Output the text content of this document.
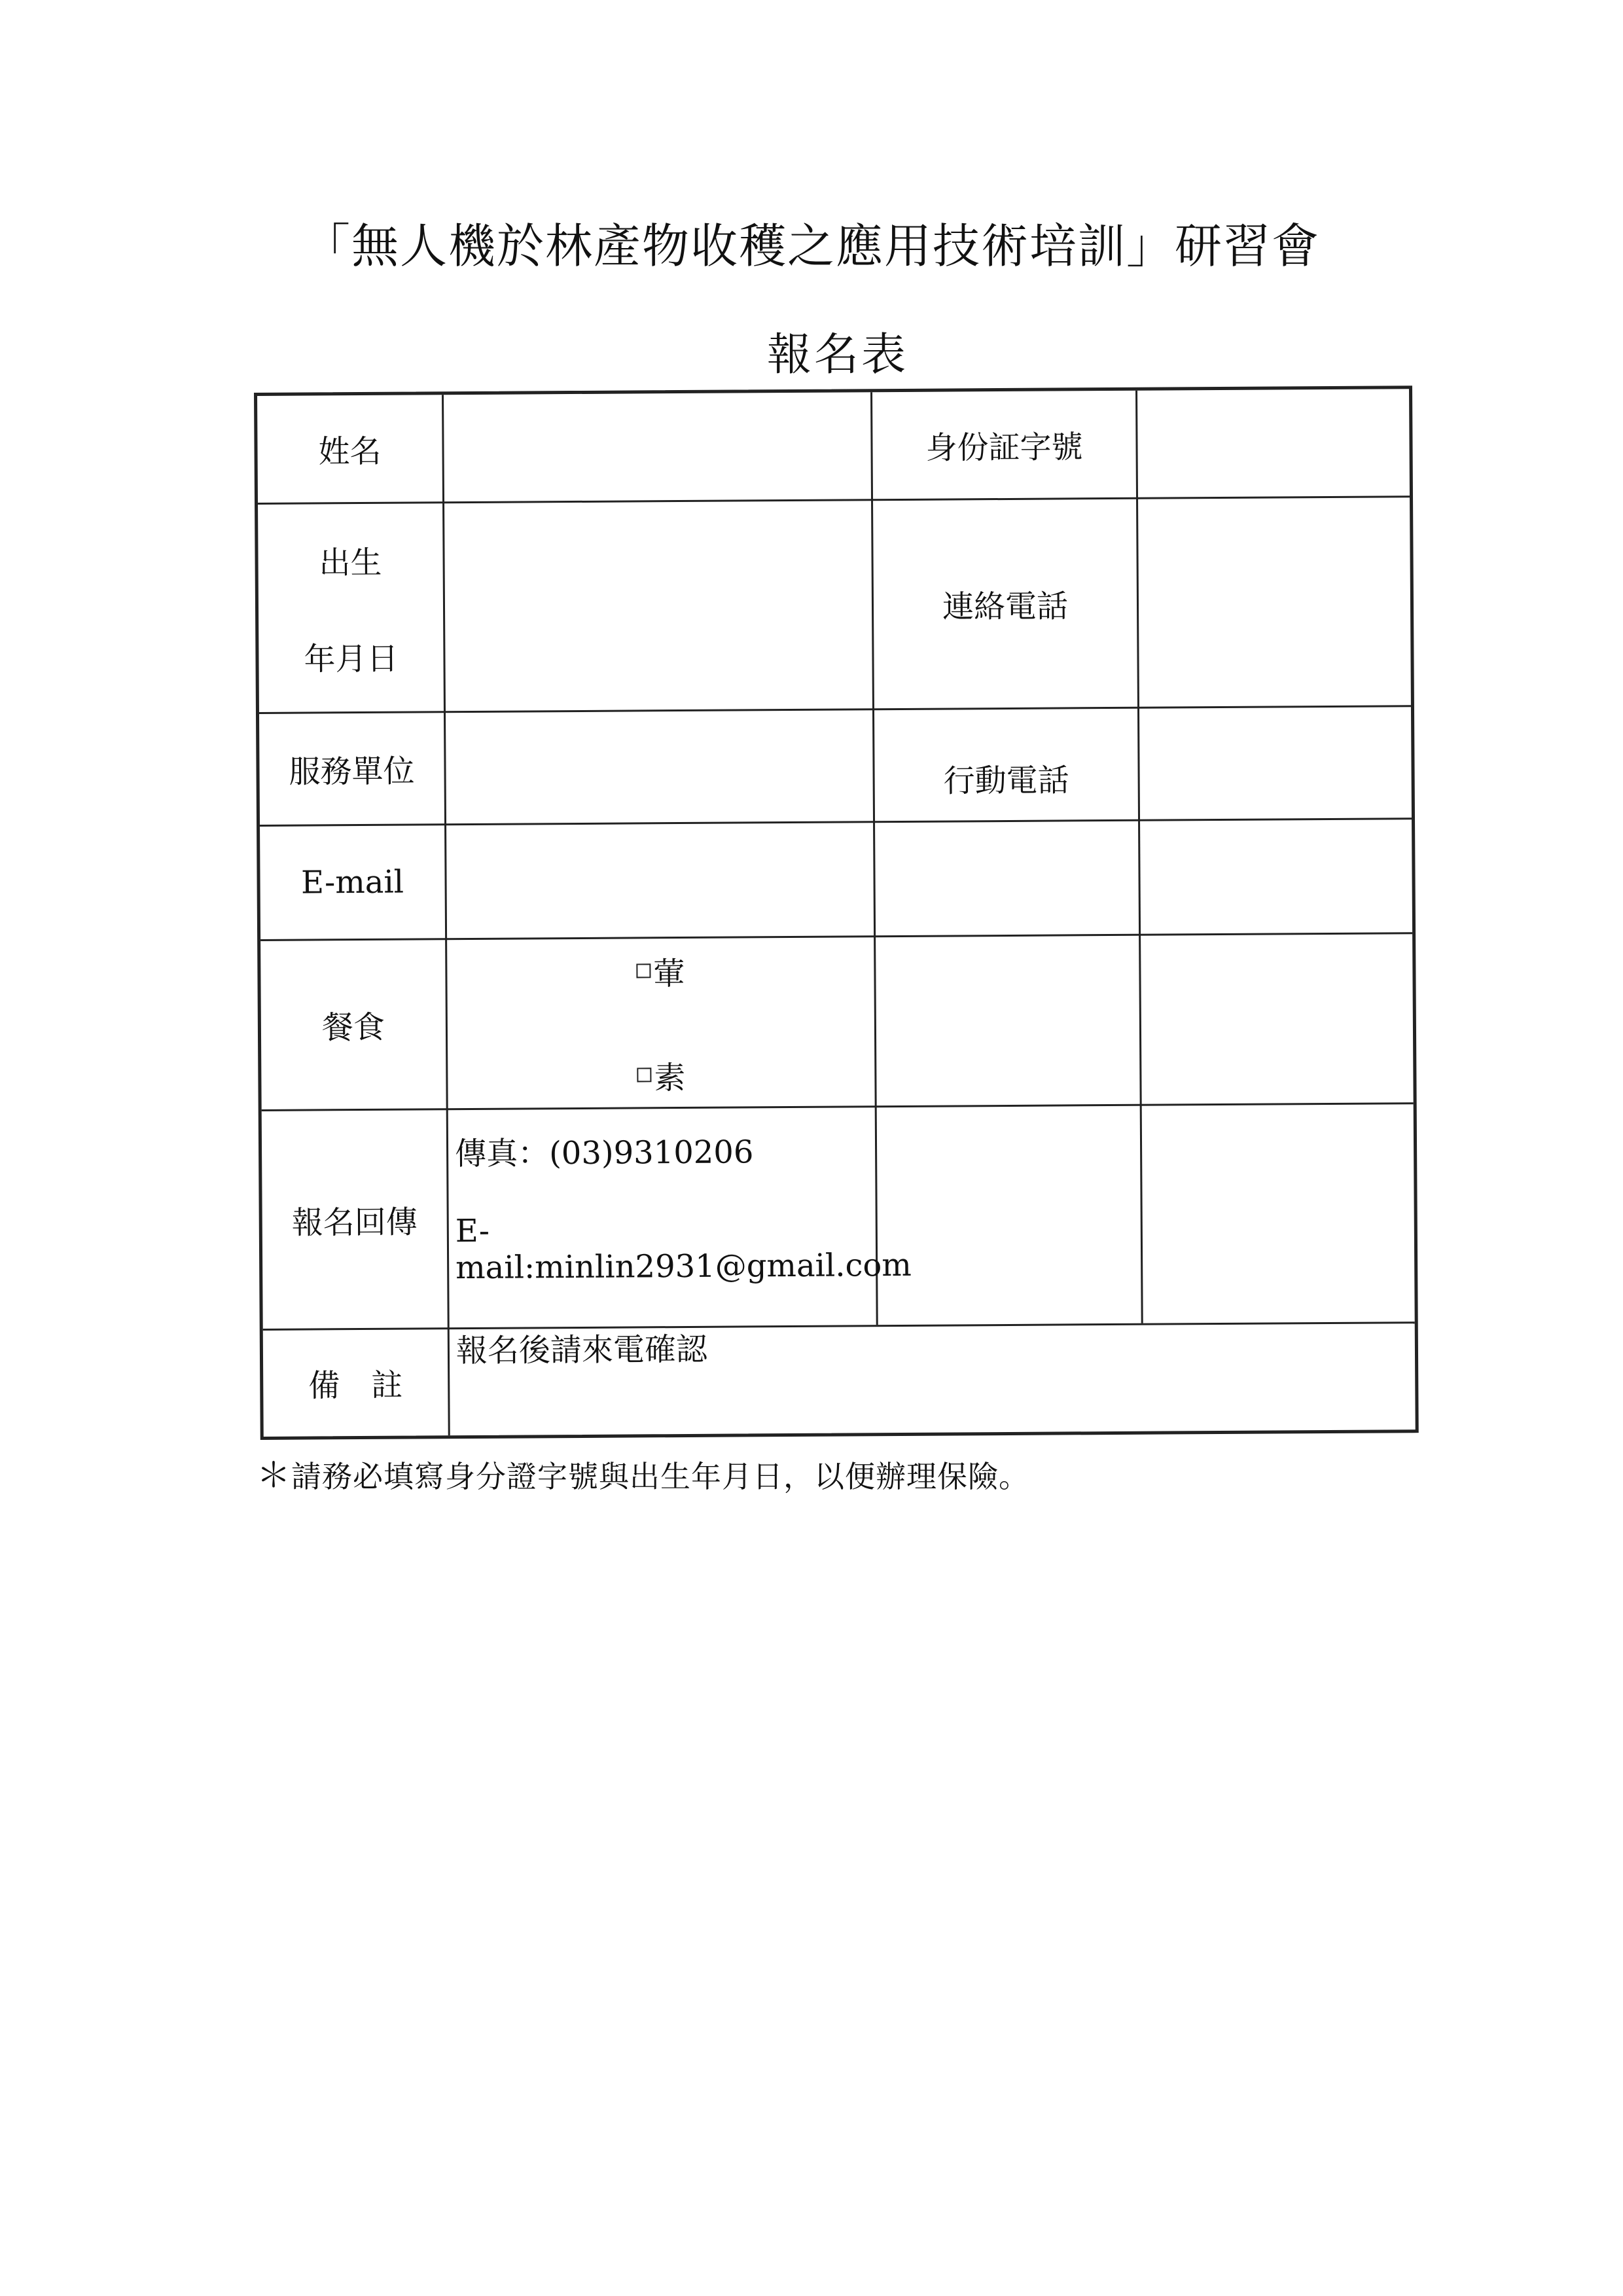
「無人機於林產物收穫之應用技術培訓」研習會
報名表
姓名	身份証字號
出生
年月日
連絡電話
服務單位	行動電話
E-mail
餐食
葷
素
報名回傳
傳真：(03)9310206
E-mail:minlin2931@gmail.com
報名後請來電確認
備　註
＊請務必填寫身分證字號與出生年月日，以便辦理保險。
